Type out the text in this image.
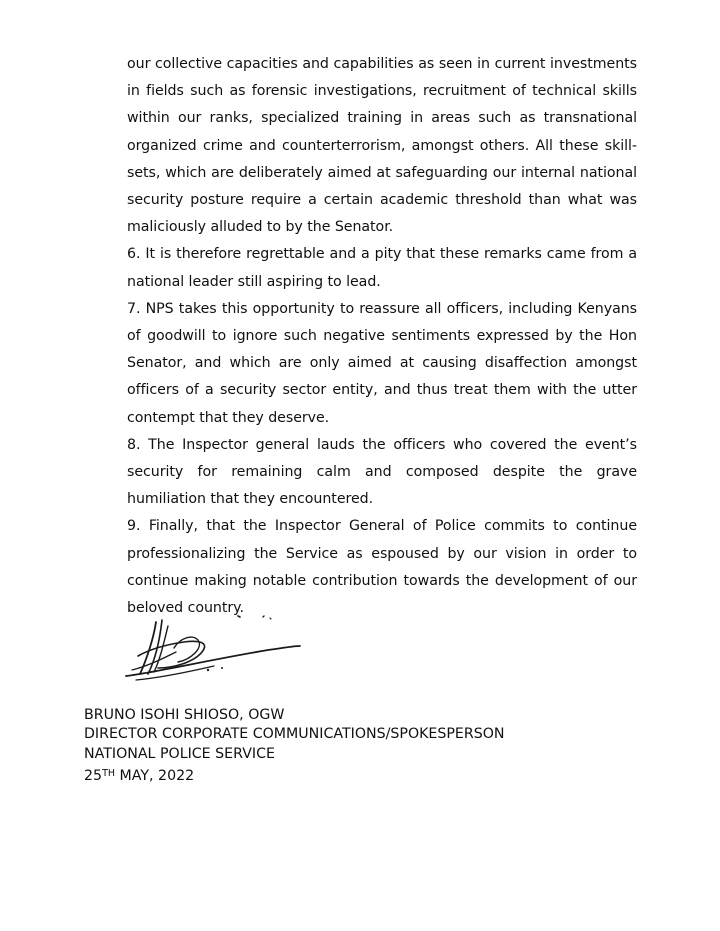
our collective capacities and capabilities as seen in current investments in fields such as forensic investigations, recruitment of technical skills within our ranks, specialized training in areas such as transnational organized crime and counterterrorism, amongst others. All these skill-sets, which are deliberately aimed at safeguarding our internal national security posture require a certain academic threshold than what was maliciously alluded to by the Senator.

6. It is therefore regrettable and a pity that these remarks came from a national leader still aspiring to lead.

7. NPS takes this opportunity to reassure all officers, including Kenyans of goodwill to ignore such negative sentiments expressed by the Hon Senator, and which are only aimed at causing disaffection amongst officers of a security sector entity, and thus treat them with the utter contempt that they deserve.

8. The Inspector general lauds the officers who covered the event’s security for remaining calm and composed despite the grave humiliation that they encountered.

9. Finally, that the Inspector General of Police commits to continue professionalizing the Service as espoused by our vision in order to continue making notable contribution towards the development of our beloved country.

BRUNO ISOHI SHIOSO, OGW
DIRECTOR CORPORATE COMMUNICATIONS/SPOKESPERSON
NATIONAL POLICE SERVICE
25TH MAY, 2022
